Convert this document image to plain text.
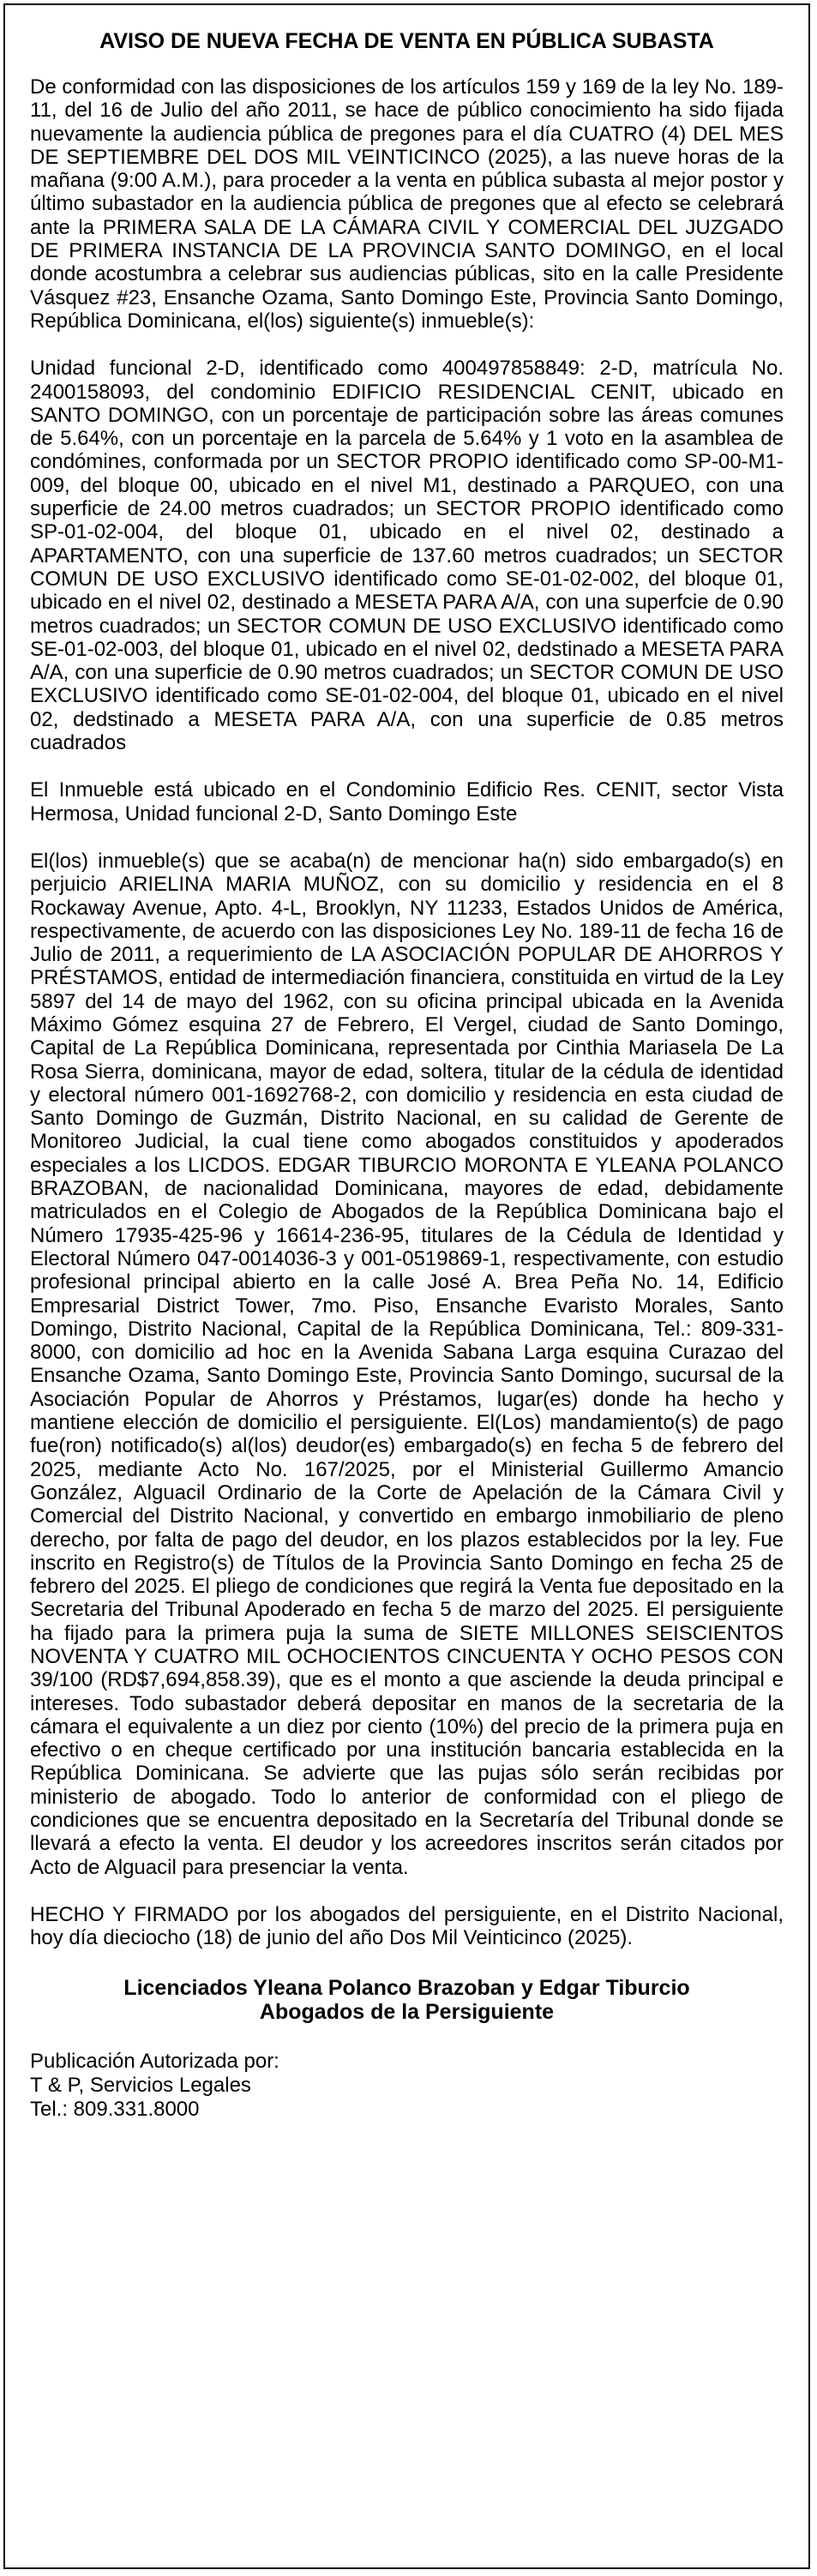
AVISO DE NUEVA FECHA DE VENTA EN PÚBLICA SUBASTA

De conformidad con las disposiciones de los artículos 159 y 169 de la ley No. 189-11, del 16 de Julio del año 2011, se hace de público conocimiento ha sido fijada nuevamente la audiencia pública de pregones para el día CUATRO (4) DEL MES DE SEPTIEMBRE DEL DOS MIL VEINTICINCO (2025), a las nueve horas de la mañana (9:00 A.M.), para proceder a la venta en pública subasta al mejor postor y último subastador en la audiencia pública de pregones que al efecto se celebrará ante la PRIMERA SALA DE LA CÁMARA CIVIL Y COMERCIAL DEL JUZGADO DE PRIMERA INSTANCIA DE LA PROVINCIA SANTO DOMINGO, en el local donde acostumbra a celebrar sus audiencias públicas, sito en la calle Presidente Vásquez #23, Ensanche Ozama, Santo Domingo Este, Provincia Santo Domingo, República Dominicana, el(los) siguiente(s) inmueble(s):

Unidad funcional 2-D, identificado como 400497858849: 2-D, matrícula No. 2400158093, del condominio EDIFICIO RESIDENCIAL CENIT, ubicado en SANTO DOMINGO, con un porcentaje de participación sobre las áreas comunes de 5.64%, con un porcentaje en la parcela de 5.64% y 1 voto en la asamblea de condómines, conformada por un SECTOR PROPIO identificado como SP-00-M1-009, del bloque 00, ubicado en el nivel M1, destinado a PARQUEO, con una superficie de 24.00 metros cuadrados; un SECTOR PROPIO identificado como SP-01-02-004, del bloque 01, ubicado en el nivel 02, destinado a APARTAMENTO, con una superficie de 137.60 metros cuadrados; un SECTOR COMUN DE USO EXCLUSIVO identificado como SE-01-02-002, del bloque 01, ubicado en el nivel 02, destinado a MESETA PARA A/A, con una superfcie de 0.90 metros cuadrados; un SECTOR COMUN DE USO EXCLUSIVO identificado como SE-01-02-003, del bloque 01, ubicado en el nivel 02, dedstinado a MESETA PARA A/A, con una superficie de 0.90 metros cuadrados; un SECTOR COMUN DE USO EXCLUSIVO identificado como SE-01-02-004, del bloque 01, ubicado en el nivel 02, dedstinado a MESETA PARA A/A, con una superficie de 0.85 metros cuadrados

El Inmueble está ubicado en el Condominio Edificio Res. CENIT, sector Vista Hermosa, Unidad funcional 2-D, Santo Domingo Este

El(los) inmueble(s) que se acaba(n) de mencionar ha(n) sido embargado(s) en perjuicio ARIELINA MARIA MUÑOZ, con su domicilio y residencia en el 8 Rockaway Avenue, Apto. 4-L, Brooklyn, NY 11233, Estados Unidos de América, respectivamente, de acuerdo con las disposiciones Ley No. 189-11 de fecha 16 de Julio de 2011, a requerimiento de LA ASOCIACIÓN POPULAR DE AHORROS Y PRÉSTAMOS, entidad de intermediación financiera, constituida en virtud de la Ley 5897 del 14 de mayo del 1962, con su oficina principal ubicada en la Avenida Máximo Gómez esquina 27 de Febrero, El Vergel, ciudad de Santo Domingo, Capital de La República Dominicana, representada por Cinthia Mariasela De La Rosa Sierra, dominicana, mayor de edad, soltera, titular de la cédula de identidad y electoral número 001-1692768-2, con domicilio y residencia en esta ciudad de Santo Domingo de Guzmán, Distrito Nacional, en su calidad de Gerente de Monitoreo Judicial, la cual tiene como abogados constituidos y apoderados especiales a los LICDOS. EDGAR TIBURCIO MORONTA E YLEANA POLANCO BRAZOBAN, de nacionalidad Dominicana, mayores de edad, debidamente matriculados en el Colegio de Abogados de la República Dominicana bajo el Número 17935-425-96 y 16614-236-95, titulares de la Cédula de Identidad y Electoral Número 047-0014036-3 y 001-0519869-1, respectivamente, con estudio profesional principal abierto en la calle José A. Brea Peña No. 14, Edificio Empresarial District Tower, 7mo. Piso, Ensanche Evaristo Morales, Santo Domingo, Distrito Nacional, Capital de la República Dominicana, Tel.: 809-331-8000, con domicilio ad hoc en la Avenida Sabana Larga esquina Curazao del Ensanche Ozama, Santo Domingo Este, Provincia Santo Domingo, sucursal de la Asociación Popular de Ahorros y Préstamos, lugar(es) donde ha hecho y mantiene elección de domicilio el persiguiente. El(Los) mandamiento(s) de pago fue(ron) notificado(s) al(los) deudor(es) embargado(s) en fecha 5 de febrero del 2025, mediante Acto No. 167/2025, por el Ministerial Guillermo Amancio González, Alguacil Ordinario de la Corte de Apelación de la Cámara Civil y Comercial del Distrito Nacional, y convertido en embargo inmobiliario de pleno derecho, por falta de pago del deudor, en los plazos establecidos por la ley. Fue inscrito en Registro(s) de Títulos de la Provincia Santo Domingo en fecha 25 de febrero del 2025. El pliego de condiciones que regirá la Venta fue depositado en la Secretaria del Tribunal Apoderado en fecha 5 de marzo del 2025. El persiguiente ha fijado para la primera puja la suma de SIETE MILLONES SEISCIENTOS NOVENTA Y CUATRO MIL OCHOCIENTOS CINCUENTA Y OCHO PESOS CON 39/100 (RD$7,694,858.39), que es el monto a que asciende la deuda principal e intereses. Todo subastador deberá depositar en manos de la secretaria de la cámara el equivalente a un diez por ciento (10%) del precio de la primera puja en efectivo o en cheque certificado por una institución bancaria establecida en la República Dominicana. Se advierte que las pujas sólo serán recibidas por ministerio de abogado. Todo lo anterior de conformidad con el pliego de condiciones que se encuentra depositado en la Secretaría del Tribunal donde se llevará a efecto la venta. El deudor y los acreedores inscritos serán citados por Acto de Alguacil para presenciar la venta.

HECHO Y FIRMADO por los abogados del persiguiente, en el Distrito Nacional, hoy día dieciocho (18) de junio del año Dos Mil Veinticinco (2025).

Licenciados Yleana Polanco Brazoban y Edgar Tiburcio
Abogados de la Persiguiente
Publicación Autorizada por:
T & P, Servicios Legales
Tel.: 809.331.8000
